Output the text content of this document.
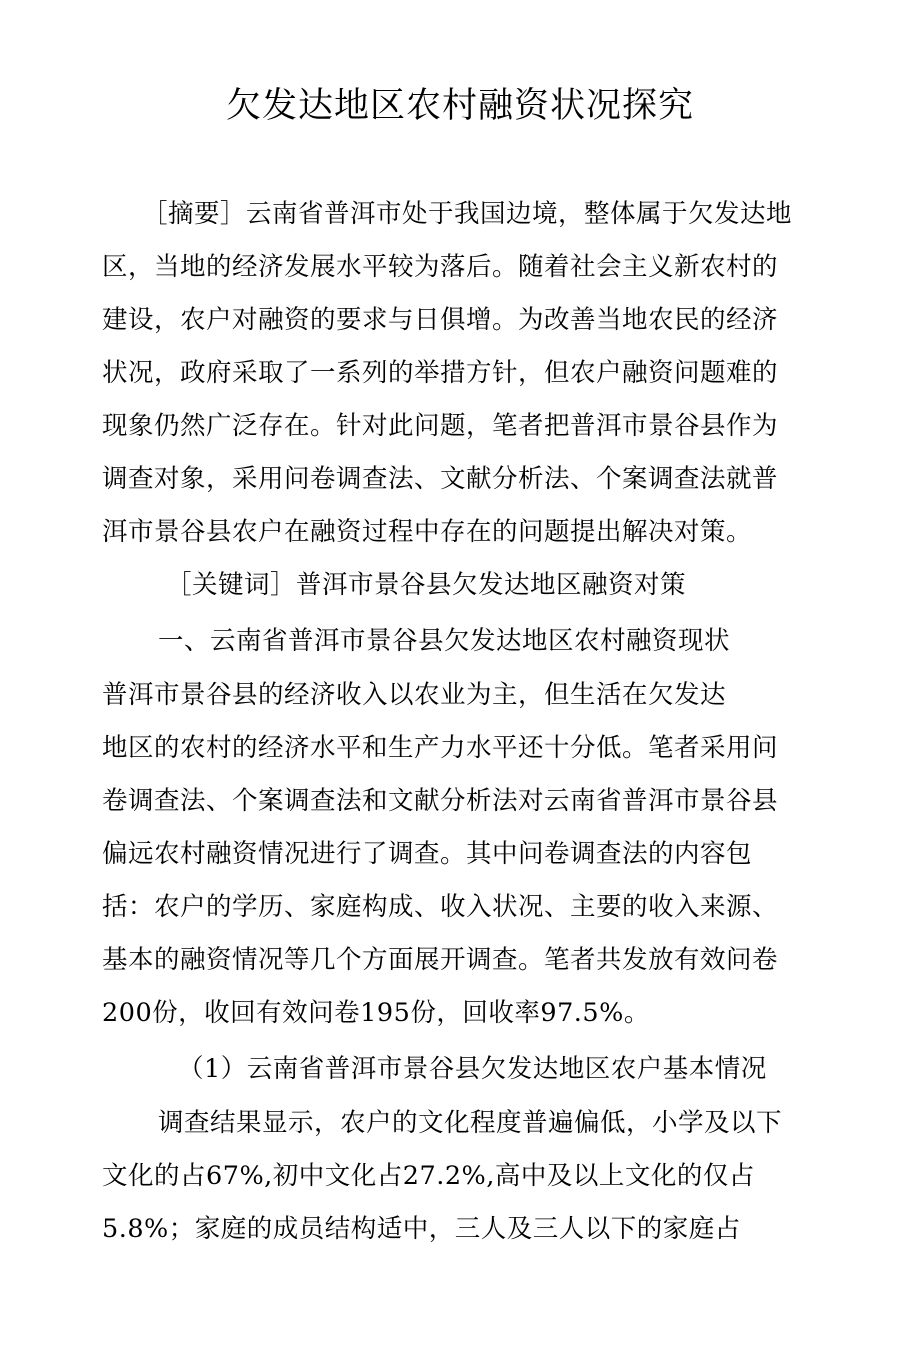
欠发达地区农村融资状况探究
［摘要］云南省普洱市处于我国边境，整体属于欠发达地
区，当地的经济发展水平较为落后。随着社会主义新农村的
建设，农户对融资的要求与日俱增。为改善当地农民的经济
状况，政府采取了一系列的举措方针，但农户融资问题难的
现象仍然广泛存在。针对此问题，笔者把普洱市景谷县作为
调查对象，采用问卷调查法、文献分析法、个案调查法就普
洱市景谷县农户在融资过程中存在的问题提出解决对策。
［关键词］普洱市景谷县欠发达地区融资对策
一、云南省普洱市景谷县欠发达地区农村融资现状
普洱市景谷县的经济收入以农业为主，但生活在欠发达
地区的农村的经济水平和生产力水平还十分低。笔者采用问
卷调查法、个案调查法和文献分析法对云南省普洱市景谷县
偏远农村融资情况进行了调查。其中问卷调查法的内容包
括：农户的学历、家庭构成、收入状况、主要的收入来源、
基本的融资情况等几个方面展开调查。笔者共发放有效问卷
200份，收回有效问卷195份，回收率97.5%。
（1）云南省普洱市景谷县欠发达地区农户基本情况
调查结果显示，农户的文化程度普遍偏低，小学及以下
文化的占67%,初中文化占27.2%,高中及以上文化的仅占
5.8%；家庭的成员结构适中，三人及三人以下的家庭占
